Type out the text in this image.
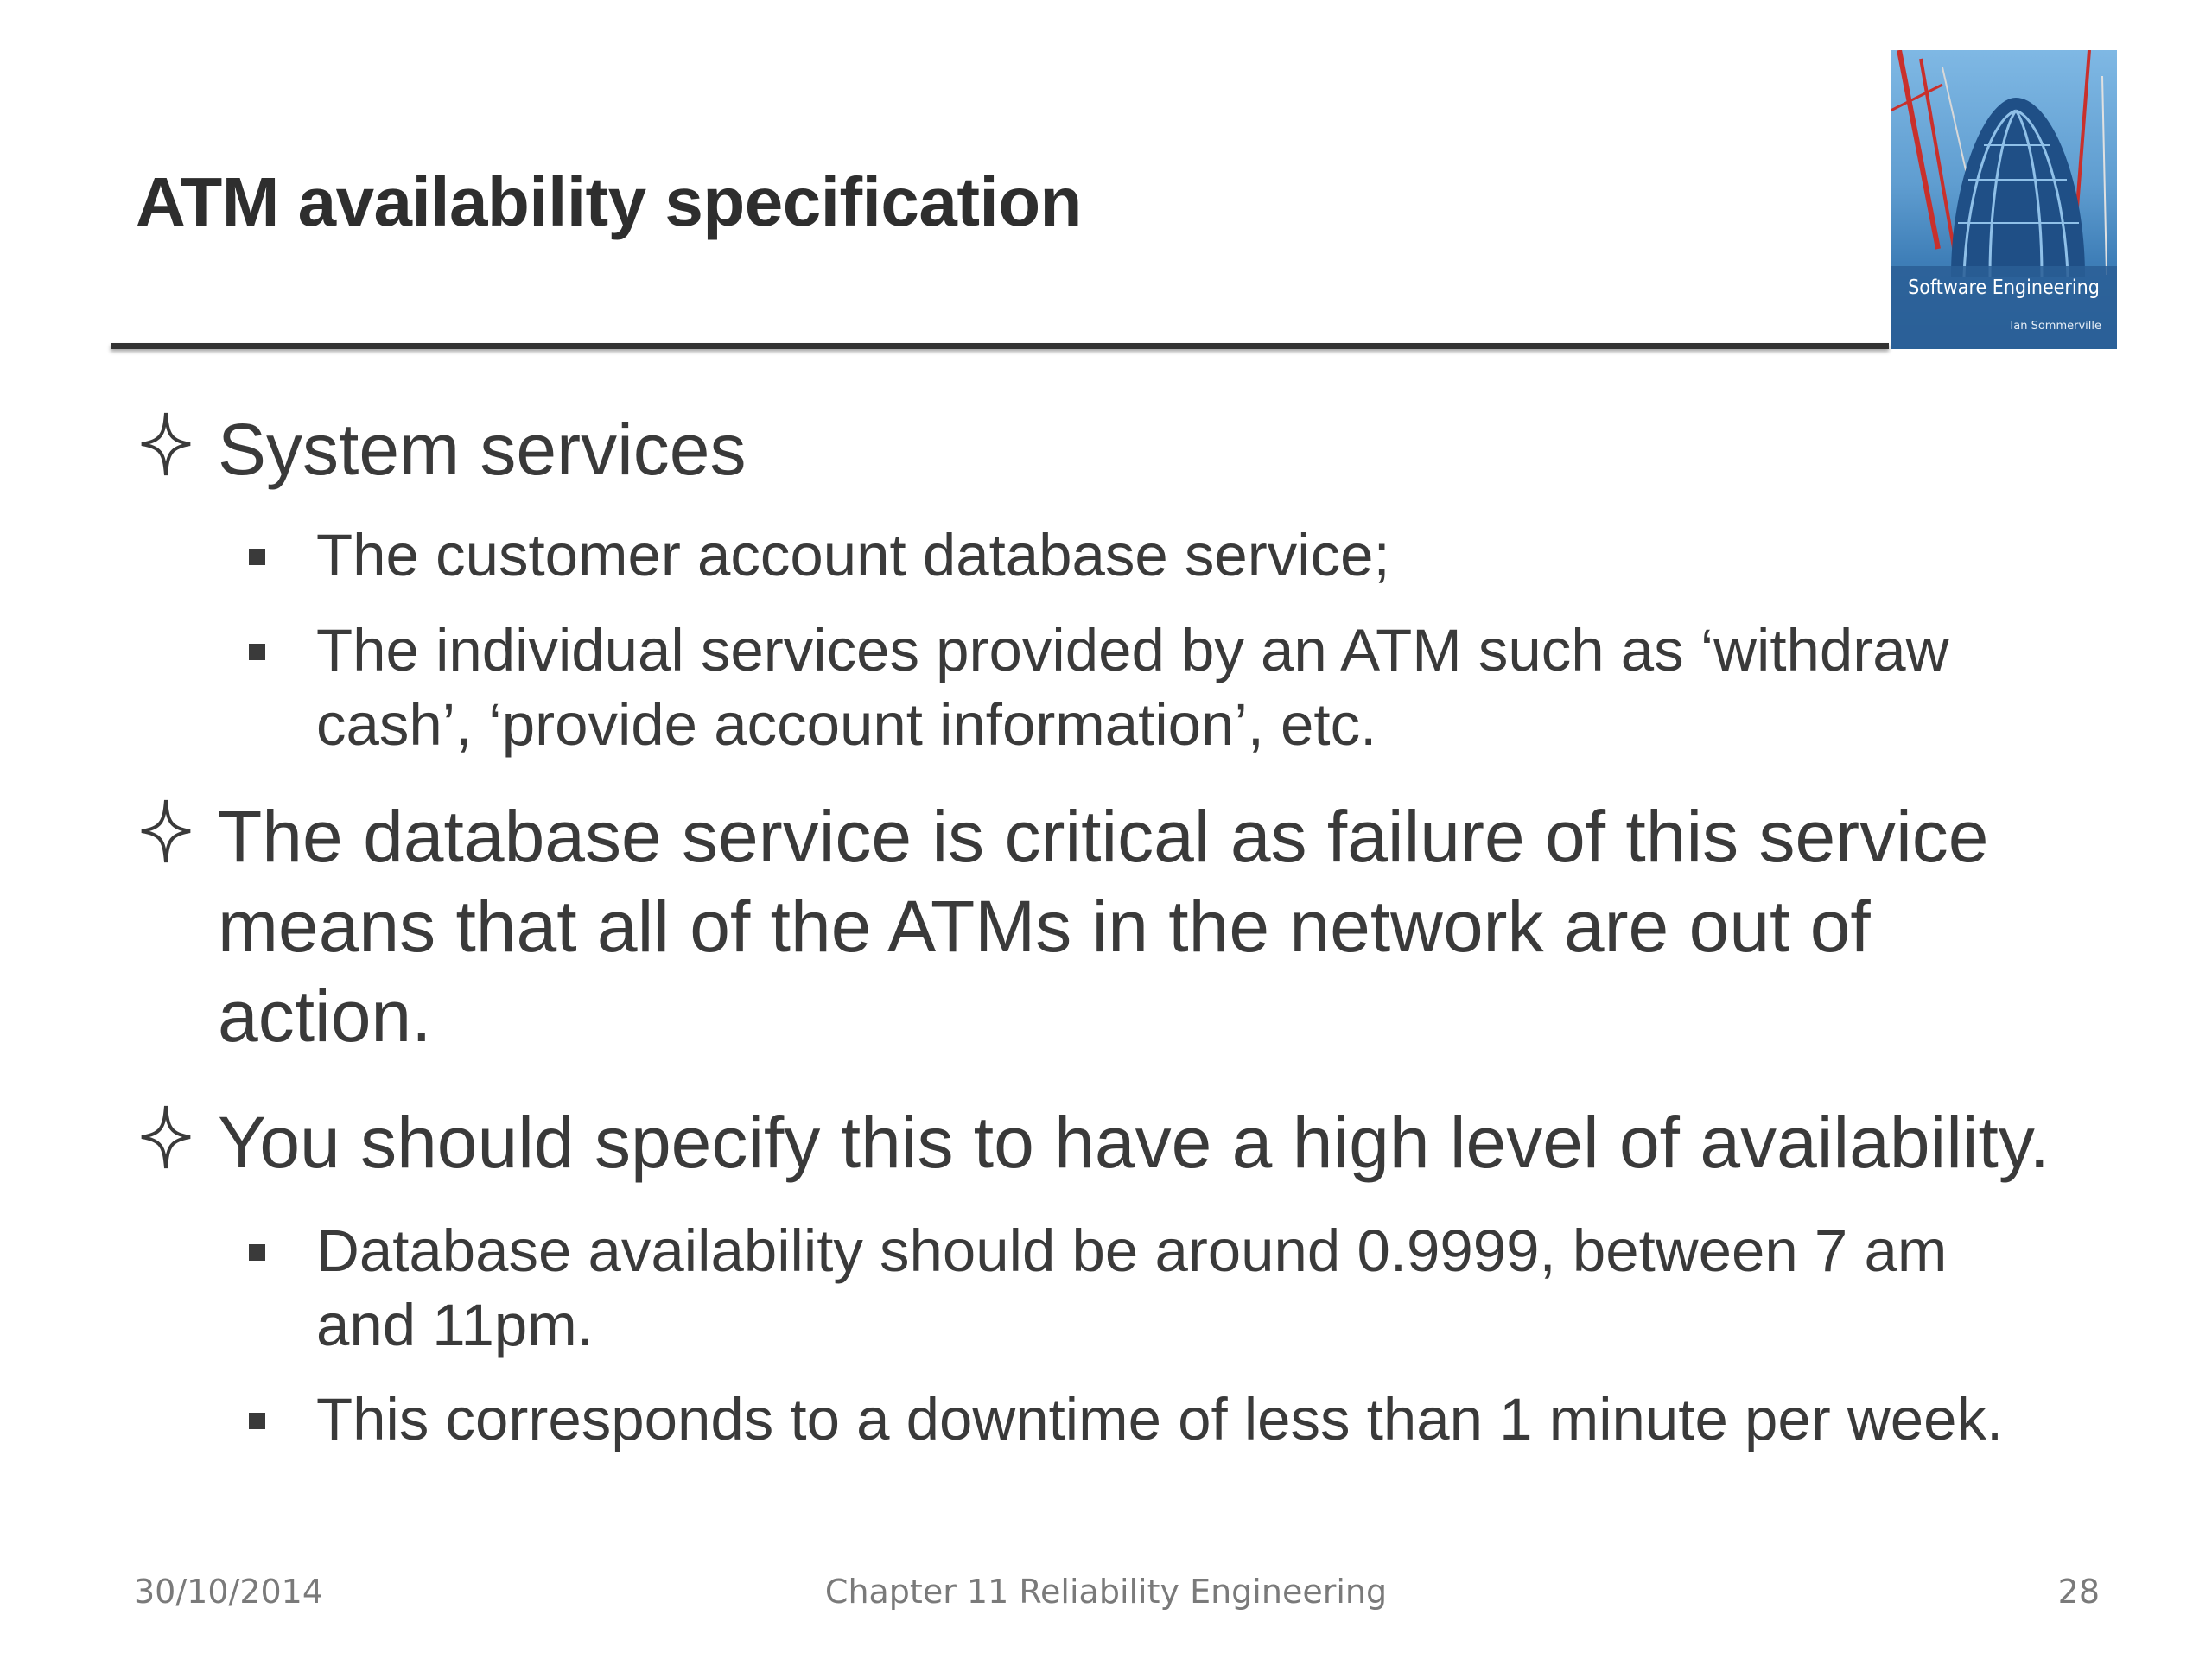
ATM availability specification
Software Engineering
Ian Sommerville
System services
The customer account database service;
The individual services provided by an ATM such as ‘withdraw
cash’, ‘provide account information’, etc.
The database service is critical as failure of this service
means that all of the ATMs in the network are out of
action.
You should specify this to have a high level of availability.
Database availability should be around 0.9999, between 7 am
and 11pm.
This corresponds to a downtime of less than 1 minute per week.
30/10/2014	Chapter 11 Reliability Engineering	28
